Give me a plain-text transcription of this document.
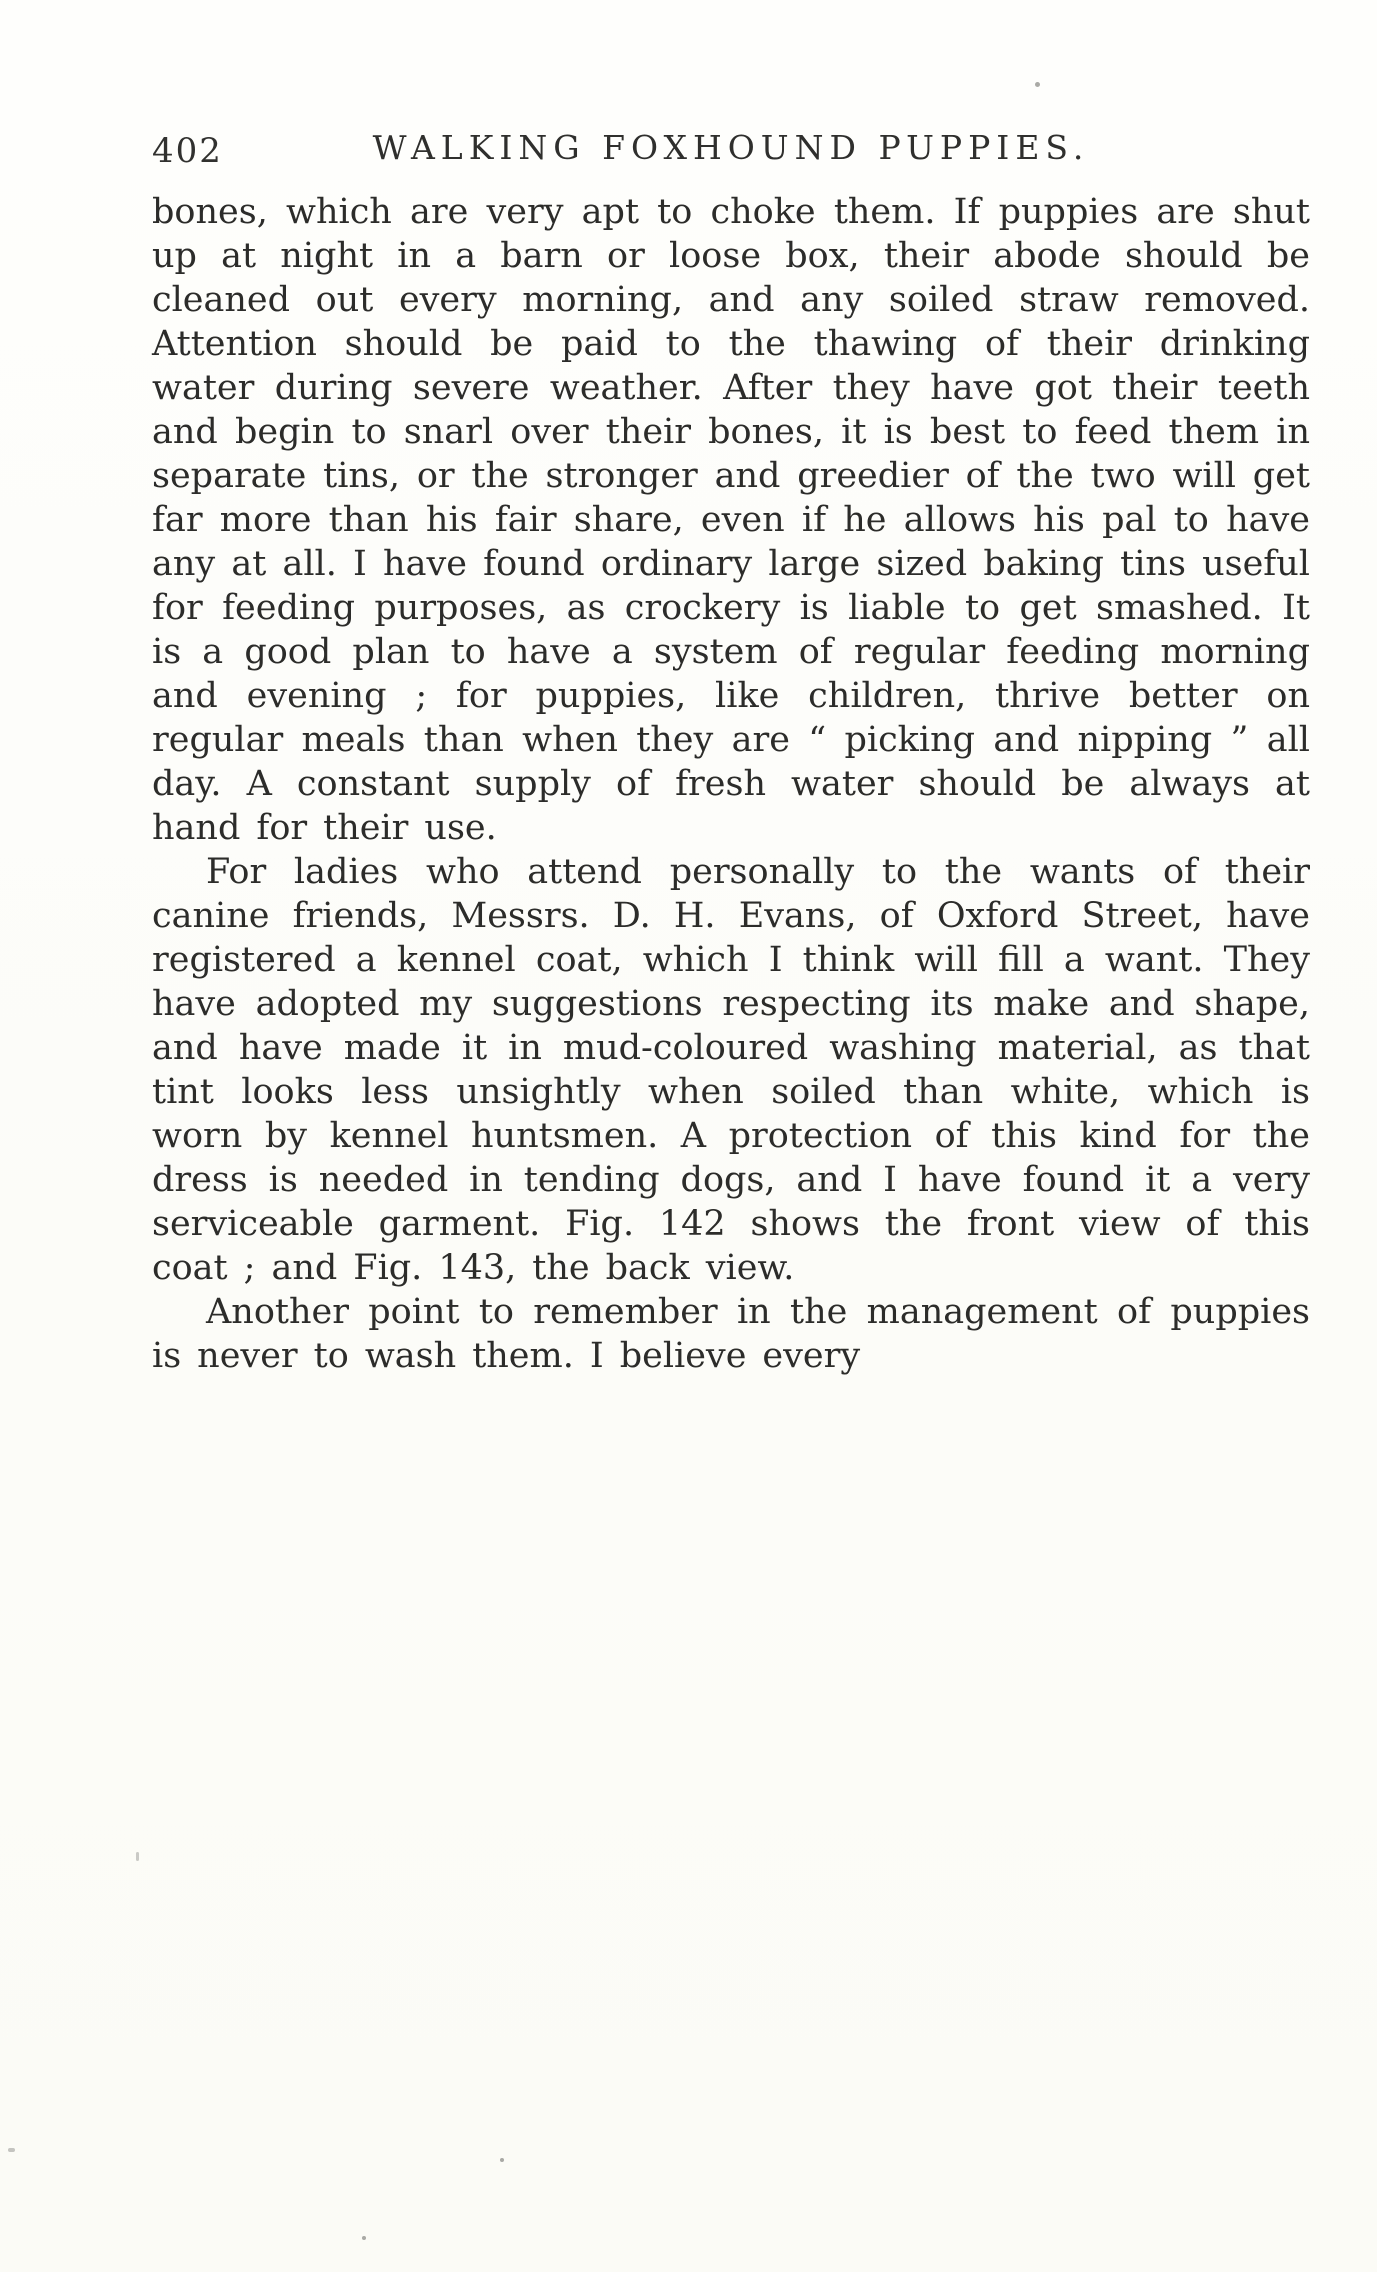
402	WALKING FOXHOUND PUPPIES.

bones, which are very apt to choke them. If puppies are shut up at night in a barn or loose box, their abode should be cleaned out every morning, and any soiled straw removed. Attention should be paid to the thawing of their drinking water during severe weather. After they have got their teeth and begin to snarl over their bones, it is best to feed them in separate tins, or the stronger and greedier of the two will get far more than his fair share, even if he allows his pal to have any at all. I have found ordinary large sized baking tins useful for feeding purposes, as crockery is liable to get smashed. It is a good plan to have a system of regular feeding morning and evening ; for puppies, like children, thrive better on regular meals than when they are “ picking and nipping ” all day. A constant supply of fresh water should be always at hand for their use.

For ladies who attend personally to the wants of their canine friends, Messrs. D. H. Evans, of Oxford Street, have registered a kennel coat, which I think will fill a want. They have adopted my suggestions respecting its make and shape, and have made it in mud-coloured washing material, as that tint looks less unsightly when soiled than white, which is worn by kennel huntsmen. A protection of this kind for the dress is needed in tending dogs, and I have found it a very serviceable garment. Fig. 142 shows the front view of this coat ; and Fig. 143, the back view.

Another point to remember in the management of puppies is never to wash them. I believe every
